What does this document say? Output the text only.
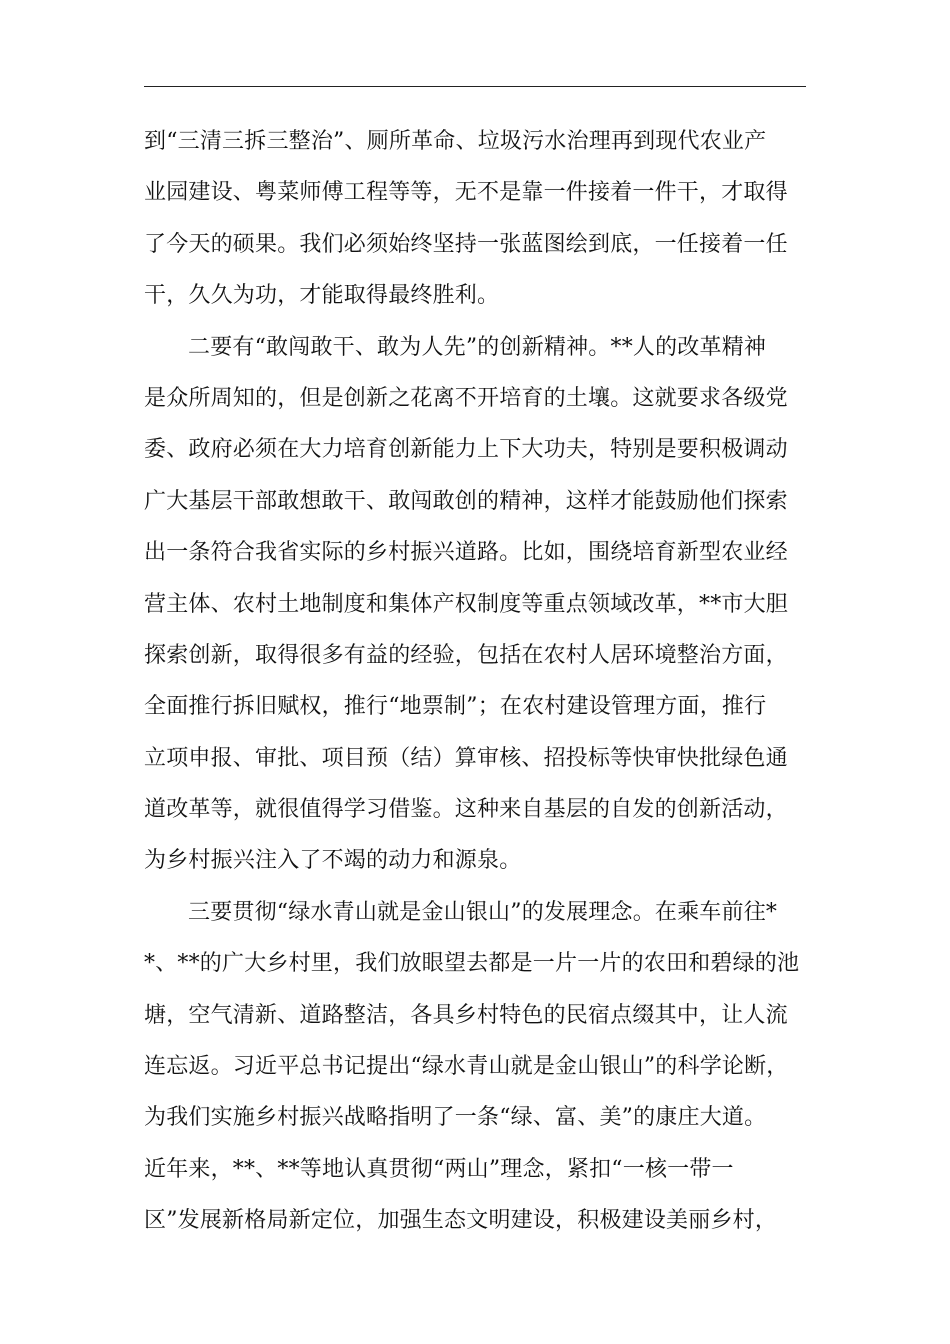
到“三清三拆三整治”、厕所革命、垃圾污水治理再到现代农业产
业园建设、粤菜师傅工程等等，无不是靠一件接着一件干，才取得
了今天的硕果。我们必须始终坚持一张蓝图绘到底，一任接着一任
干，久久为功，才能取得最终胜利。
二要有“敢闯敢干、敢为人先”的创新精神。**人的改革精神
是众所周知的，但是创新之花离不开培育的土壤。这就要求各级党
委、政府必须在大力培育创新能力上下大功夫，特别是要积极调动
广大基层干部敢想敢干、敢闯敢创的精神，这样才能鼓励他们探索
出一条符合我省实际的乡村振兴道路。比如，围绕培育新型农业经
营主体、农村土地制度和集体产权制度等重点领域改革，**市大胆
探索创新，取得很多有益的经验，包括在农村人居环境整治方面，
全面推行拆旧赋权，推行“地票制”；在农村建设管理方面，推行
立项申报、审批、项目预（结）算审核、招投标等快审快批绿色通
道改革等，就很值得学习借鉴。这种来自基层的自发的创新活动，
为乡村振兴注入了不竭的动力和源泉。
三要贯彻“绿水青山就是金山银山”的发展理念。在乘车前往*
*、**的广大乡村里，我们放眼望去都是一片一片的农田和碧绿的池
塘，空气清新、道路整洁，各具乡村特色的民宿点缀其中，让人流
连忘返。习近平总书记提出“绿水青山就是金山银山”的科学论断，
为我们实施乡村振兴战略指明了一条“绿、富、美”的康庄大道。
近年来，**、**等地认真贯彻“两山”理念，紧扣“一核一带一
区”发展新格局新定位，加强生态文明建设，积极建设美丽乡村，
